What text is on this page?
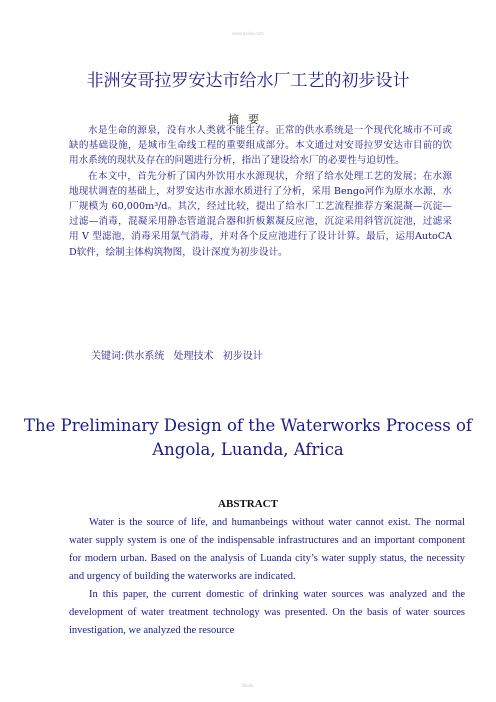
www.baidu.com
非洲安哥拉罗安达市给水厂工艺的初步设计
摘要

水是生命的源泉，没有水人类就不能生存。正常的供水系统是一个现代化城市不可或缺的基础设施，是城市生命线工程的重要组成部分。本文通过对安哥拉罗安达市目前的饮用水系统的现状及存在的问题进行分析，指出了建设给水厂的必要性与迫切性。

在本文中，首先分析了国内外饮用水水源现状，介绍了给水处理工艺的发展；在水源地现状调查的基础上，对罗安达市水源水质进行了分析，采用 Bengo河作为原水水源，水厂规模为 60,000m³/d。其次，经过比较，提出了给水厂工艺流程推荐方案混凝—沉淀—过滤—消毒，混凝采用静态管道混合器和折板絮凝反应池，沉淀采用斜管沉淀池，过滤采用 V 型滤池，消毒采用氯气消毒，并对各个反应池进行了设计计算。最后，运用AutoCAD软件，绘制主体构筑物图，设计深度为初步设计。

关键词:供水系统 处理技术 初步设计
The Preliminary Design of the Waterworks Process of Angola, Luanda, Africa
ABSTRACT

Water is the source of life, and humanbeings without water cannot exist. The normal water supply system is one of the indispensable infrastructures and an important component for modern urban. Based on the analysis of Luanda city’s water supply status, the necessity and urgency of building the waterworks are indicated.

In this paper, the current domestic of drinking water sources was analyzed and the development of water treatment technology was presented. On the basis of water sources investigation, we analyzed the resource

Baidu
